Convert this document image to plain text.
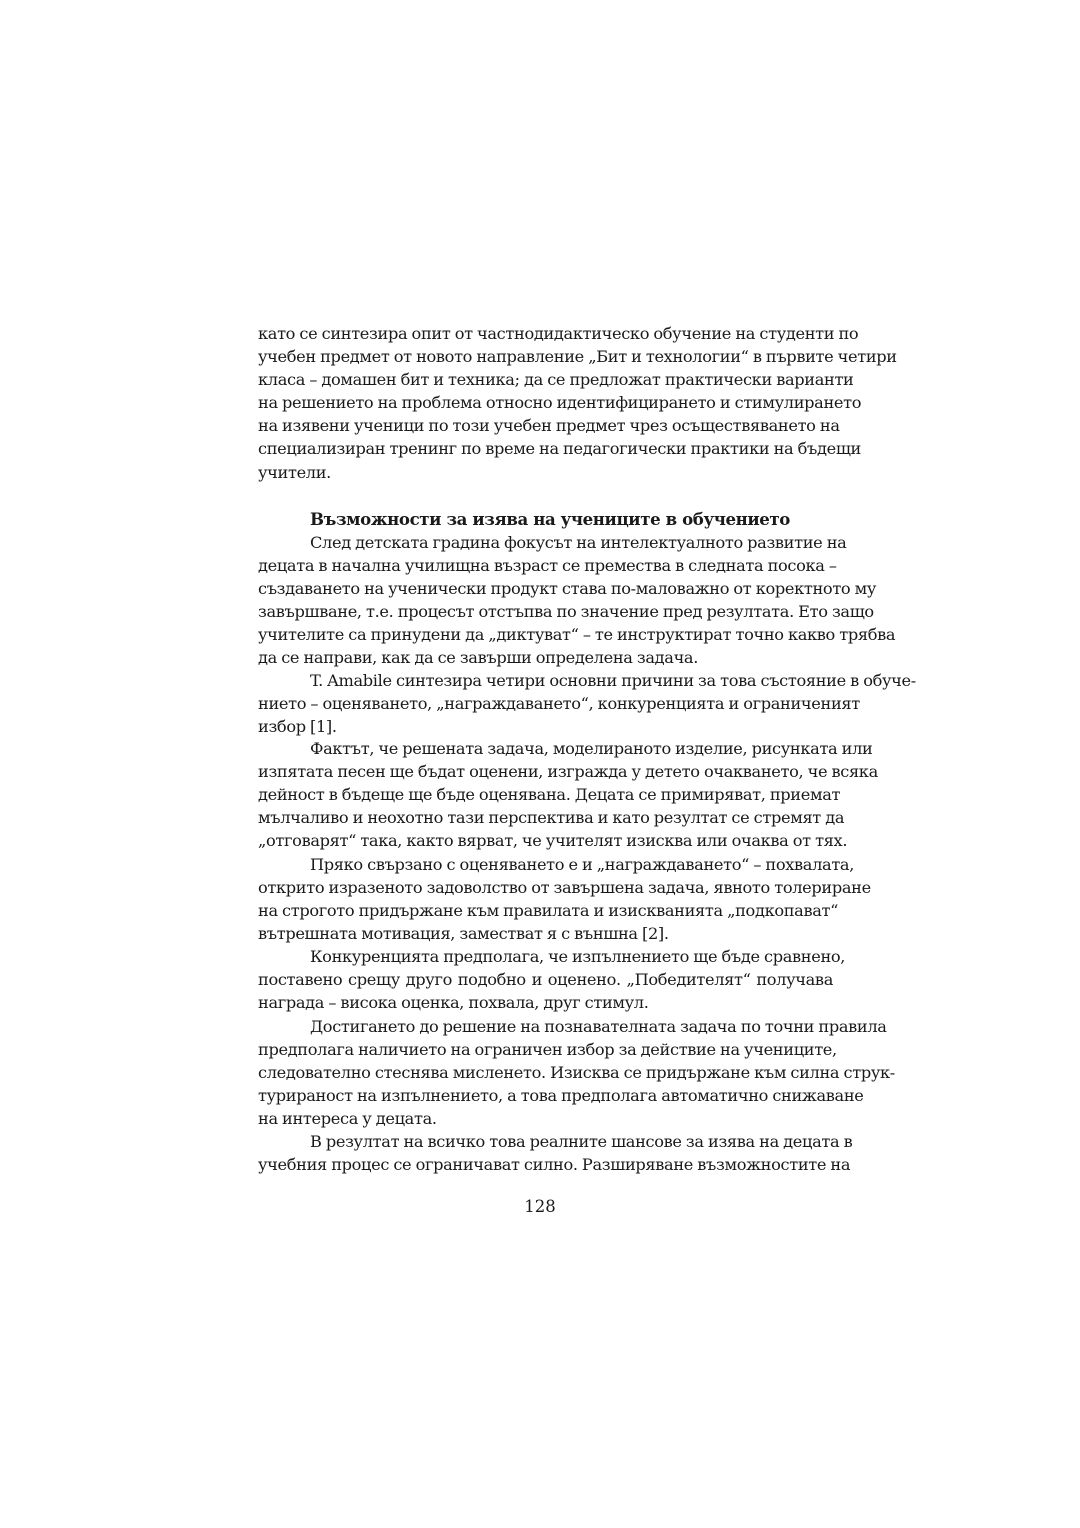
като се синтезира опит от частнодидактическо обучение на студенти по
учебен предмет от новото направление „Бит и технологии“ в първите четири
класа – домашен бит и техника; да се предложат практически варианти
на решението на проблема относно идентифицирането и стимулирането
на изявени ученици по този учебен предмет чрез осъществяването на
специализиран тренинг по време на педагогически практики на бъдещи
учители.
Възможности за изява на учениците в обучението
След детската градина фокусът на интелектуалното развитие на
децата в начална училищна възраст се премества в следната посока –
създаването на ученически продукт става по-маловажно от коректното му
завършване, т.е. процесът отстъпва по значение пред резултата. Ето защо
учителите са принудени да „диктуват“ – те инструктират точно какво трябва
да се направи, как да се завърши определена задача.
T. Amabile синтезира четири основни причини за това състояние в обуче-
нието – оценяването, „награждаването“, конкуренцията и ограниченият
избор [1].
Фактът, че решената задача, моделираното изделие, рисунката или
изпятата песен ще бъдат оценени, изгражда у детето очакването, че всяка
дейност в бъдеще ще бъде оценявана. Децата се примиряват, приемат
мълчаливо и неохотно тази перспектива и като резултат се стремят да
„отговарят“ така, както вярват, че учителят изисква или очаква от тях.
Пряко свързано с оценяването е и „награждаването“ – похвалата,
открито изразеното задоволство от завършена задача, явното толериране
на строгото придържане към правилата и изискванията „подкопават“
вътрешната мотивация, заместват я с външна [2].
Конкуренцията предполага, че изпълнението ще бъде сравнено,
поставено срещу друго подобно и оценено. „Победителят“ получава
награда – висока оценка, похвала, друг стимул.
Достигането до решение на познавателната задача по точни правила
предполага наличието на ограничен избор за действие на учениците,
следователно стеснява мисленето. Изисква се придържане към силна струк-
турираност на изпълнението, а това предполага автоматично снижаване
на интереса у децата.
В резултат на всичко това реалните шансове за изява на децата в
учебния процес се ограничават силно. Разширяване възможностите на
128
